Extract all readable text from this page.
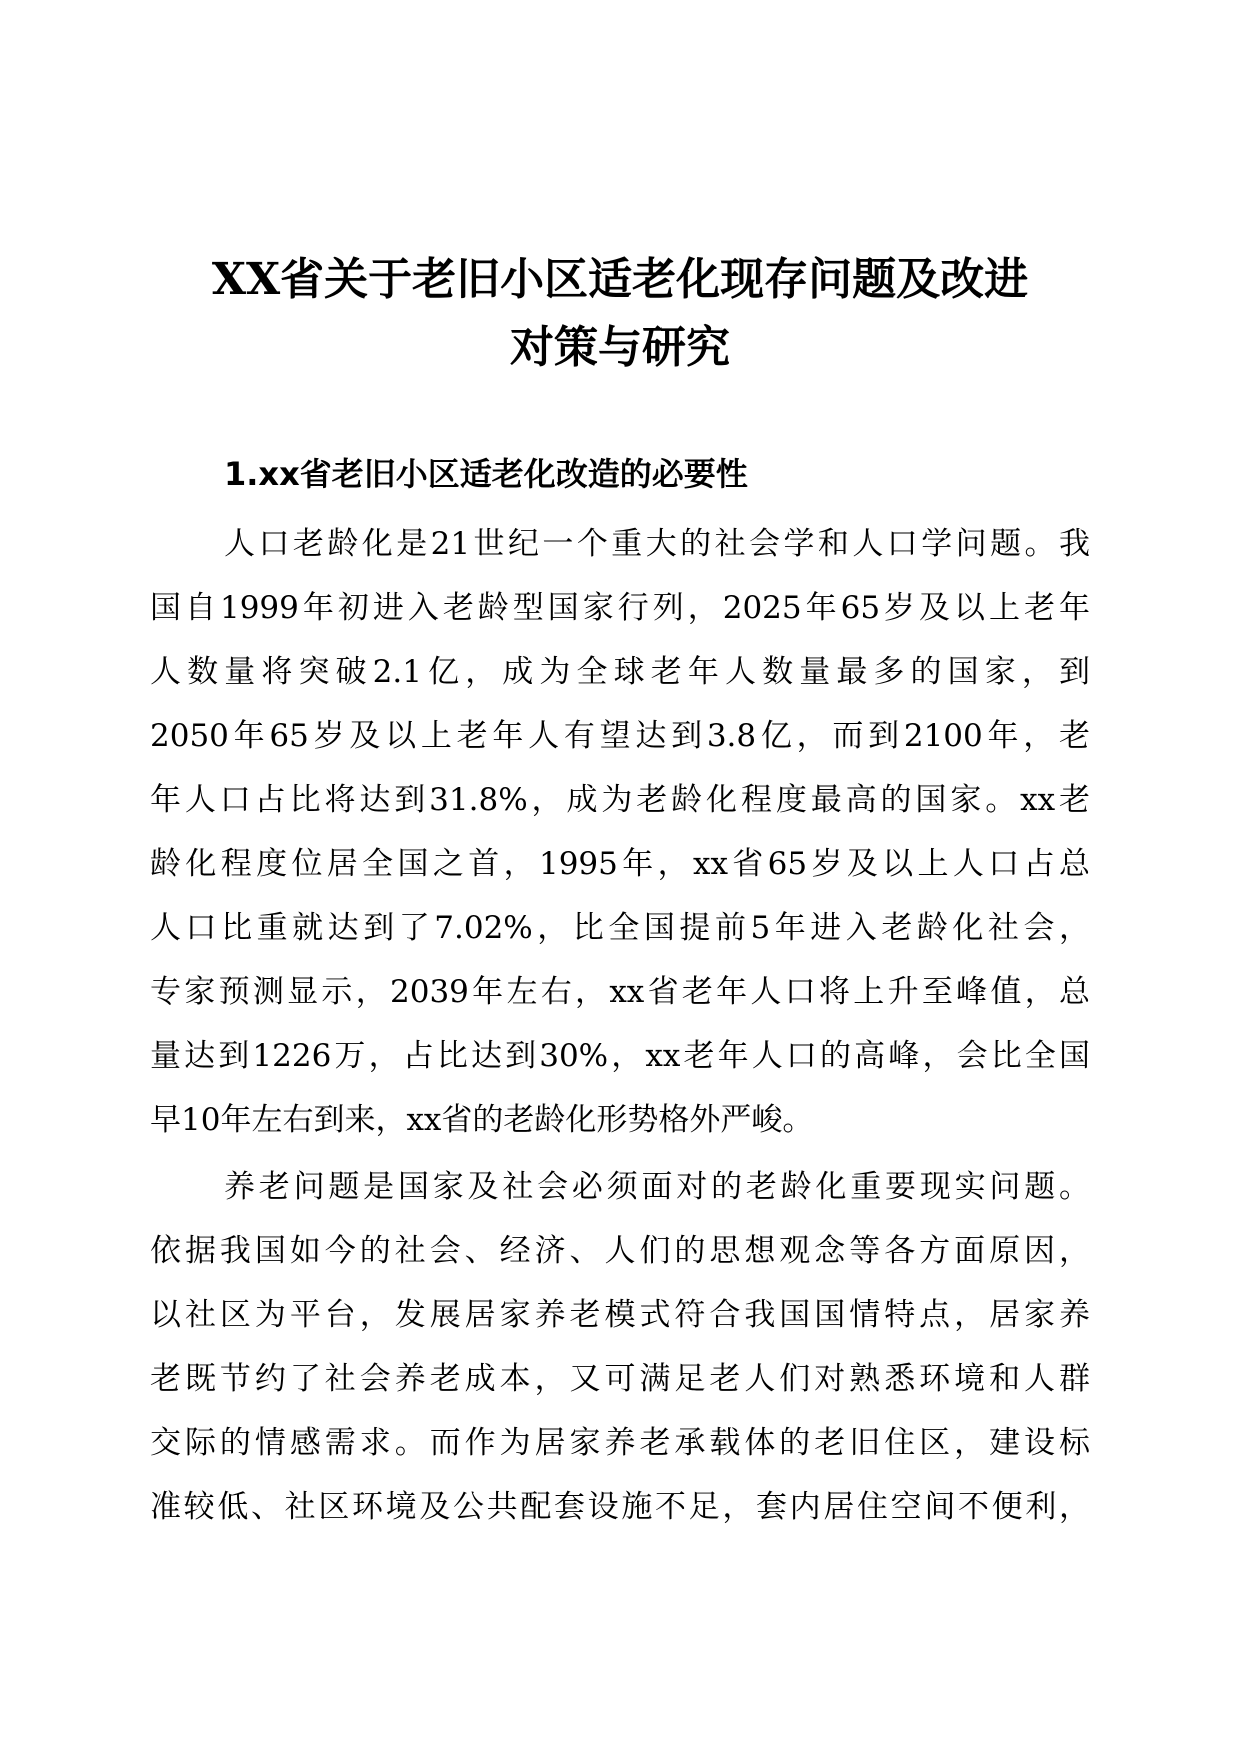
XX省关于老旧小区适老化现存问题及改进
对策与研究
1.xx省老旧小区适老化改造的必要性
人口老龄化是21世纪一个重大的社会学和人口学问题。我
国自1999年初进入老龄型国家行列，2025年65岁及以上老年
人数量将突破2.1亿，成为全球老年人数量最多的国家，到
2050年65岁及以上老年人有望达到3.8亿，而到2100年，老
年人口占比将达到31.8%，成为老龄化程度最高的国家。xx老
龄化程度位居全国之首，1995年，xx省65岁及以上人口占总
人口比重就达到了7.02%，比全国提前5年进入老龄化社会，
专家预测显示，2039年左右，xx省老年人口将上升至峰值，总
量达到1226万，占比达到30%，xx老年人口的高峰，会比全国
早10年左右到来，xx省的老龄化形势格外严峻。
养老问题是国家及社会必须面对的老龄化重要现实问题。
依据我国如今的社会、经济、人们的思想观念等各方面原因，
以社区为平台，发展居家养老模式符合我国国情特点，居家养
老既节约了社会养老成本，又可满足老人们对熟悉环境和人群
交际的情感需求。而作为居家养老承载体的老旧住区，建设标
准较低、社区环境及公共配套设施不足，套内居住空间不便利，
